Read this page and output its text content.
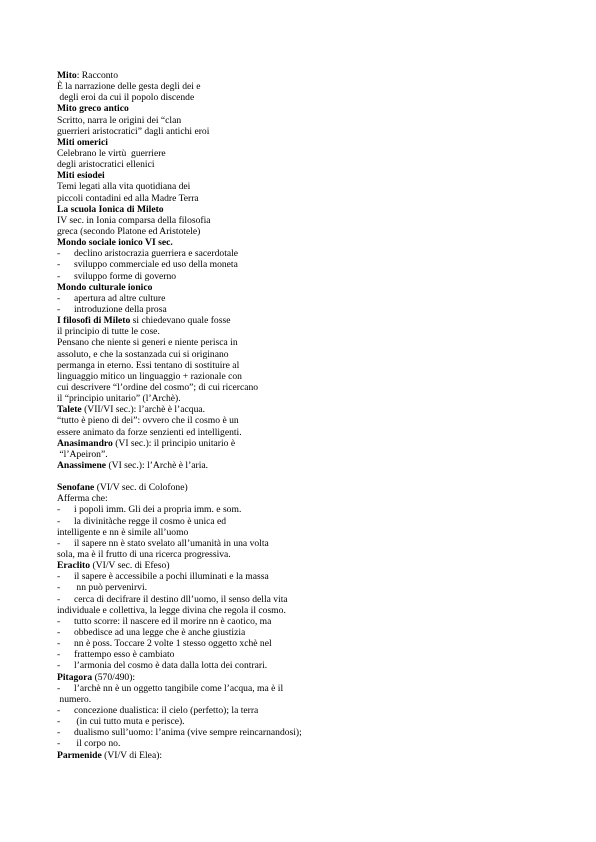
Mito: Racconto
È la narrazione delle gesta degli dei e
degli eroi da cui il popolo discende
Mito greco antico
Scritto, narra le origini dei “clan
guerrieri aristocratici” dagli antichi eroi
Miti omerici
Celebrano le virtù  guerriere
degli aristocratici ellenici
Miti esiodei
Temi legati alla vita quotidiana dei
piccoli contadini ed alla Madre Terra
La scuola Ionica di Mileto
IV sec. in Ionia comparsa della filosofia
greca (secondo Platone ed Aristotele)
Mondo sociale ionico VI sec.
- declino aristocrazia guerriera e sacerdotale
- sviluppo commerciale ed uso della moneta
- sviluppo forme di governo
Mondo culturale ionico
- apertura ad altre culture
- introduzione della prosa
I filosofi di Mileto si chiedevano quale fosse
il principio di tutte le cose.
Pensano che niente si generi e niente perisca in
assoluto, e che la sostanzada cui si originano
permanga in eterno. Essi tentano di sostituire al
linguaggio mitico un linguaggio + razionale con
cui descrivere “l’ordine del cosmo”; di cui ricercano
il “principio unitario” (l’Archè).
Talete (VII/VI sec.): l’archè è l’acqua.
“tutto è pieno di dei”: ovvero che il cosmo è un
essere animato da forze senzienti ed intelligenti.
Anasimandro (VI sec.): il principio unitario è
“l’Apeiron”.
Anassimene (VI sec.): l’Archè è l’aria.
Senofane (VI/V sec. di Colofone)
Afferma che:
- i popoli imm. Gli dei a propria imm. e som.
- la divinitàche regge il cosmo è unica ed
intelligente e nn è simile all’uomo
- il sapere nn è stato svelato all’umanità in una volta
sola, ma è il frutto di una ricerca progressiva.
Eraclito (VI/V sec. di Efeso)
- il sapere è accessibile a pochi illuminati e la massa
- nn può pervenirvi.
- cerca di decifrare il destino dll’uomo, il senso della vita
individuale e collettiva, la legge divina che regola il cosmo.
- tutto scorre: il nascere ed il morire nn è caotico, ma
- obbedisce ad una legge che è anche giustizia
- nn è poss. Toccare 2 volte 1 stesso oggetto xchè nel
- frattempo esso è cambiato
- l’armonia del cosmo è data dalla lotta dei contrari.
Pitagora (570/490):
- l’archè nn è un oggetto tangibile come l’acqua, ma è il
numero.
- concezione dualistica: il cielo (perfetto); la terra
- (in cui tutto muta e perisce).
- dualismo sull’uomo: l’anima (vive sempre reincarnandosi);
- il corpo no.
Parmenide (VI/V di Elea):
